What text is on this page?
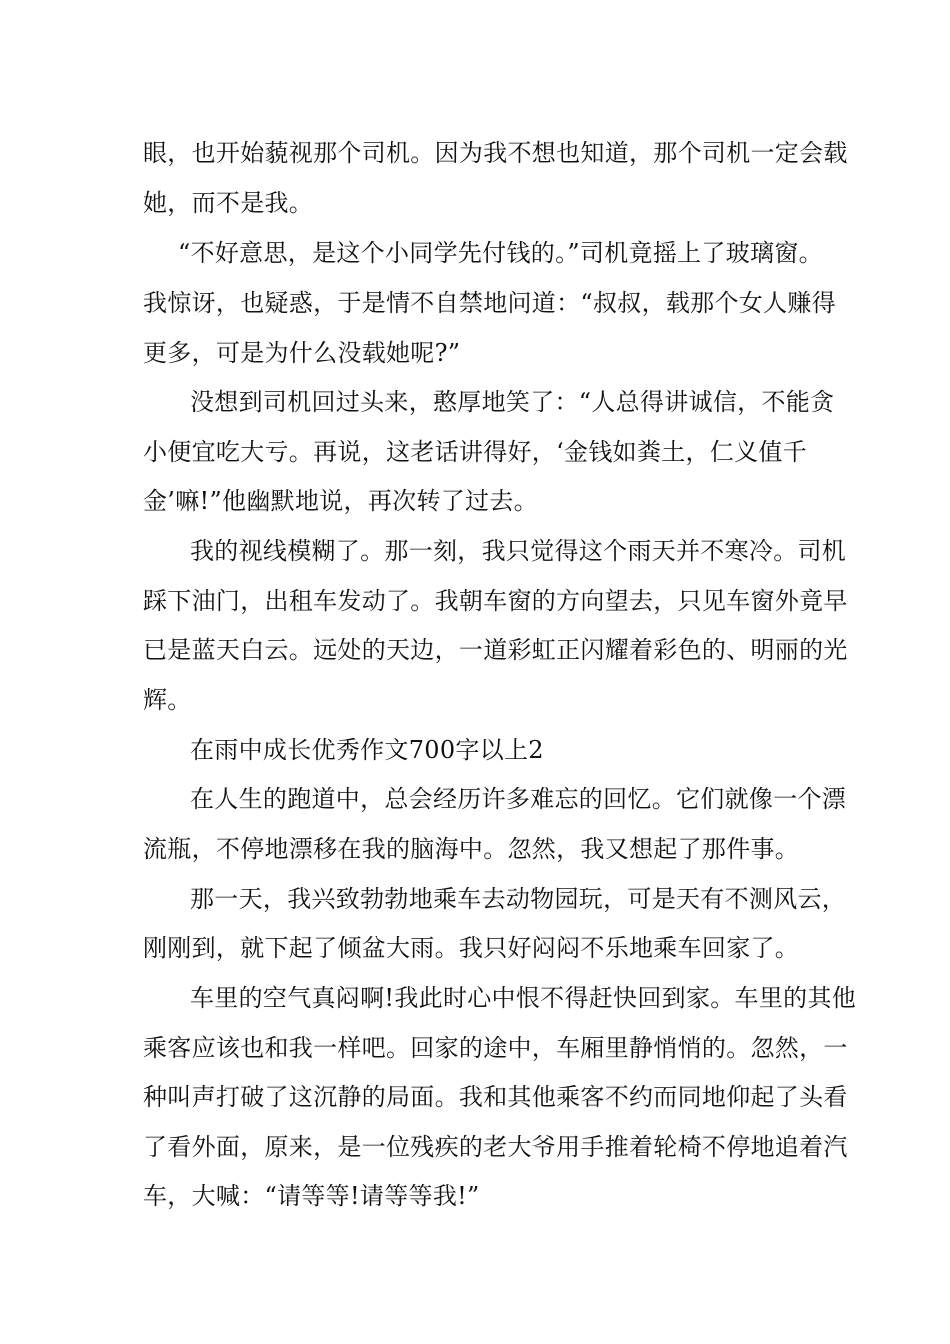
眼，也开始藐视那个司机。因为我不想也知道，那个司机一定会载
她，而不是我。
“不好意思，是这个小同学先付钱的。”司机竟摇上了玻璃窗。
我惊讶，也疑惑，于是情不自禁地问道：“叔叔，载那个女人赚得
更多，可是为什么没载她呢?”
没想到司机回过头来，憨厚地笑了：“人总得讲诚信，不能贪
小便宜吃大亏。再说，这老话讲得好，‘金钱如粪土，仁义值千
金’嘛!”他幽默地说，再次转了过去。
我的视线模糊了。那一刻，我只觉得这个雨天并不寒冷。司机
踩下油门，出租车发动了。我朝车窗的方向望去，只见车窗外竟早
已是蓝天白云。远处的天边，一道彩虹正闪耀着彩色的、明丽的光
辉。
在雨中成长优秀作文700字以上2
在人生的跑道中，总会经历许多难忘的回忆。它们就像一个漂
流瓶，不停地漂移在我的脑海中。忽然，我又想起了那件事。
那一天，我兴致勃勃地乘车去动物园玩，可是天有不测风云，
刚刚到，就下起了倾盆大雨。我只好闷闷不乐地乘车回家了。
车里的空气真闷啊!我此时心中恨不得赶快回到家。车里的其他
乘客应该也和我一样吧。回家的途中，车厢里静悄悄的。忽然，一
种叫声打破了这沉静的局面。我和其他乘客不约而同地仰起了头看
了看外面，原来，是一位残疾的老大爷用手推着轮椅不停地追着汽
车，大喊：“请等等!请等等我!”
